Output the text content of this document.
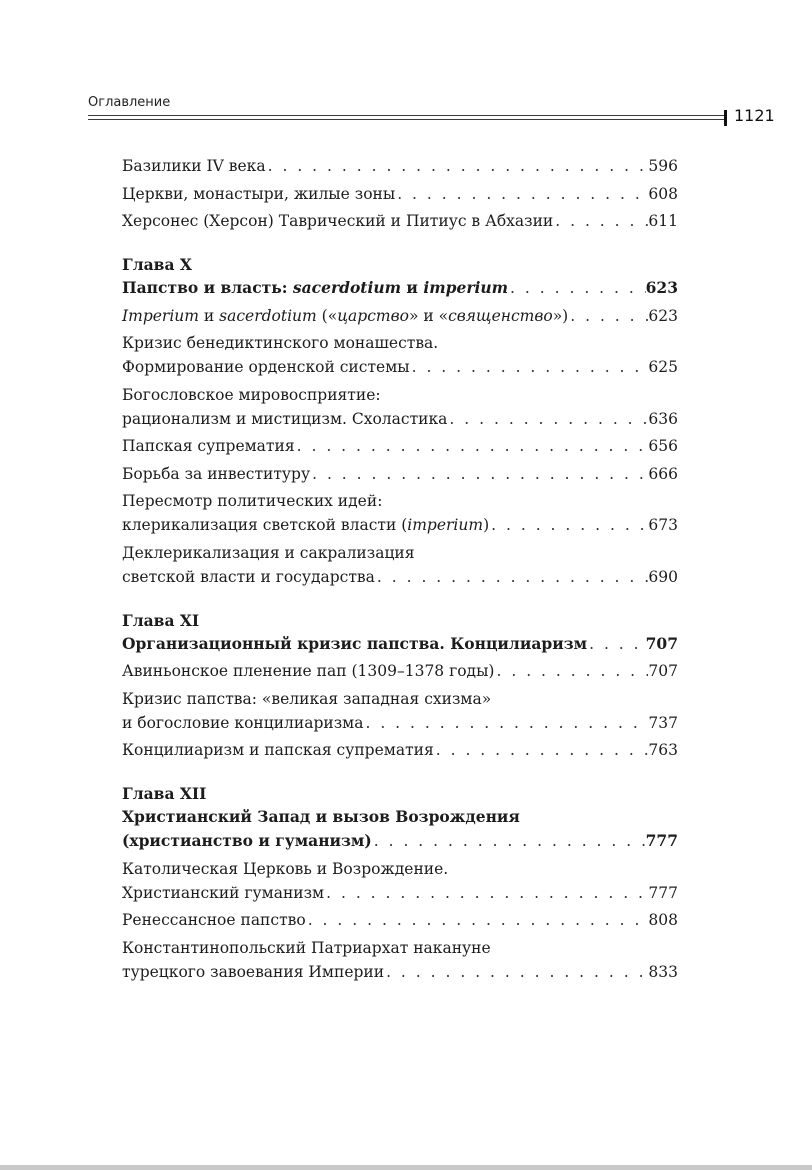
Оглавление
1121
Базилики IV века . . .	596
Церкви, монастыри, жилые зоны . . .	608
Херсонес (Херсон) Таврический и Питиус в Абхазии . . .	611
Глава X
Папство и власть: sacerdotium и imperium . . .	623
Imperium и sacerdotium («царство» и «священство») . . .	623
Кризис бенедиктинского монашества.
Формирование орденской системы . . .	625
Богословское мировосприятие:
рационализм и мистицизм. Схоластика . . .	636
Папская супрематия . . .	656
Борьба за инвеституру . . .	666
Пересмотр политических идей:
клерикализация светской власти (imperium) . . .	673
Деклерикализация и сакрализация
светской власти и государства . . .	690
Глава XI
Организационный кризис папства. Концилиаризм . . .	707
Авиньонское пленение пап (1309–1378 годы) . . .	707
Кризис папства: «великая западная схизма»
и богословие концилиаризма . . .	737
Концилиаризм и папская супрематия . . .	763
Глава XII
Христианский Запад и вызов Возрождения
(христианство и гуманизм) . . .	777
Католическая Церковь и Возрождение.
Христианский гуманизм . . .	777
Ренессансное папство . . .	808
Константинопольский Патриархат накануне
турецкого завоевания Империи . . .	833
